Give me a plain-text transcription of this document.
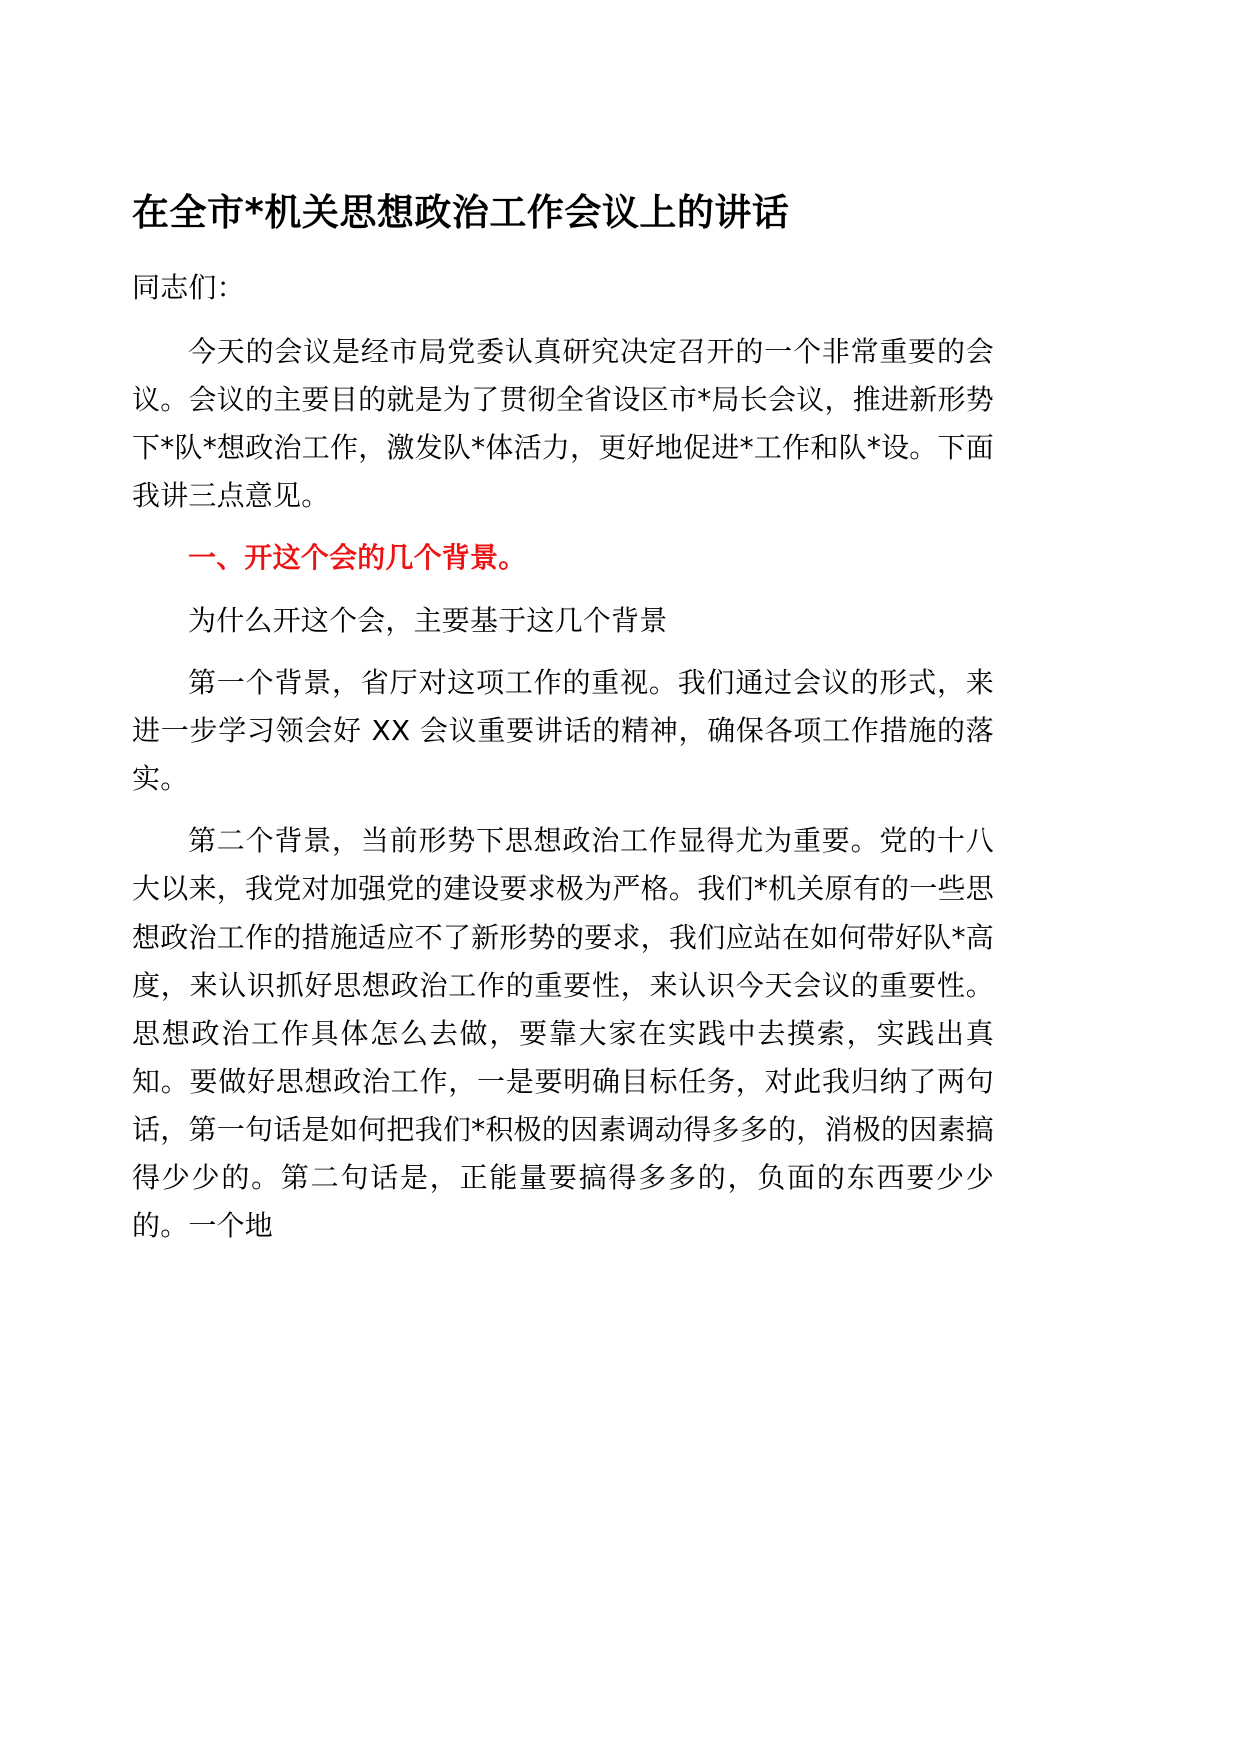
在全市*机关思想政治工作会议上的讲话

同志们：

今天的会议是经市局党委认真研究决定召开的一个非常重要的会议。会议的主要目的就是为了贯彻全省设区市*局长会议，推进新形势下*队*想政治工作，激发队*体活力，更好地促进*工作和队*设。下面我讲三点意见。

一、开这个会的几个背景。

为什么开这个会，主要基于这几个背景

第一个背景，省厅对这项工作的重视。我们通过会议的形式，来进一步学习领会好 XX 会议重要讲话的精神，确保各项工作措施的落实。

第二个背景，当前形势下思想政治工作显得尤为重要。党的十八大以来，我党对加强党的建设要求极为严格。我们*机关原有的一些思想政治工作的措施适应不了新形势的要求，我们应站在如何带好队*高度，来认识抓好思想政治工作的重要性，来认识今天会议的重要性。思想政治工作具体怎么去做，要靠大家在实践中去摸索，实践出真知。要做好思想政治工作，一是要明确目标任务，对此我归纳了两句话，第一句话是如何把我们*积极的因素调动得多多的，消极的因素搞得少少的。第二句话是，正能量要搞得多多的，负面的东西要少少的。一个地
